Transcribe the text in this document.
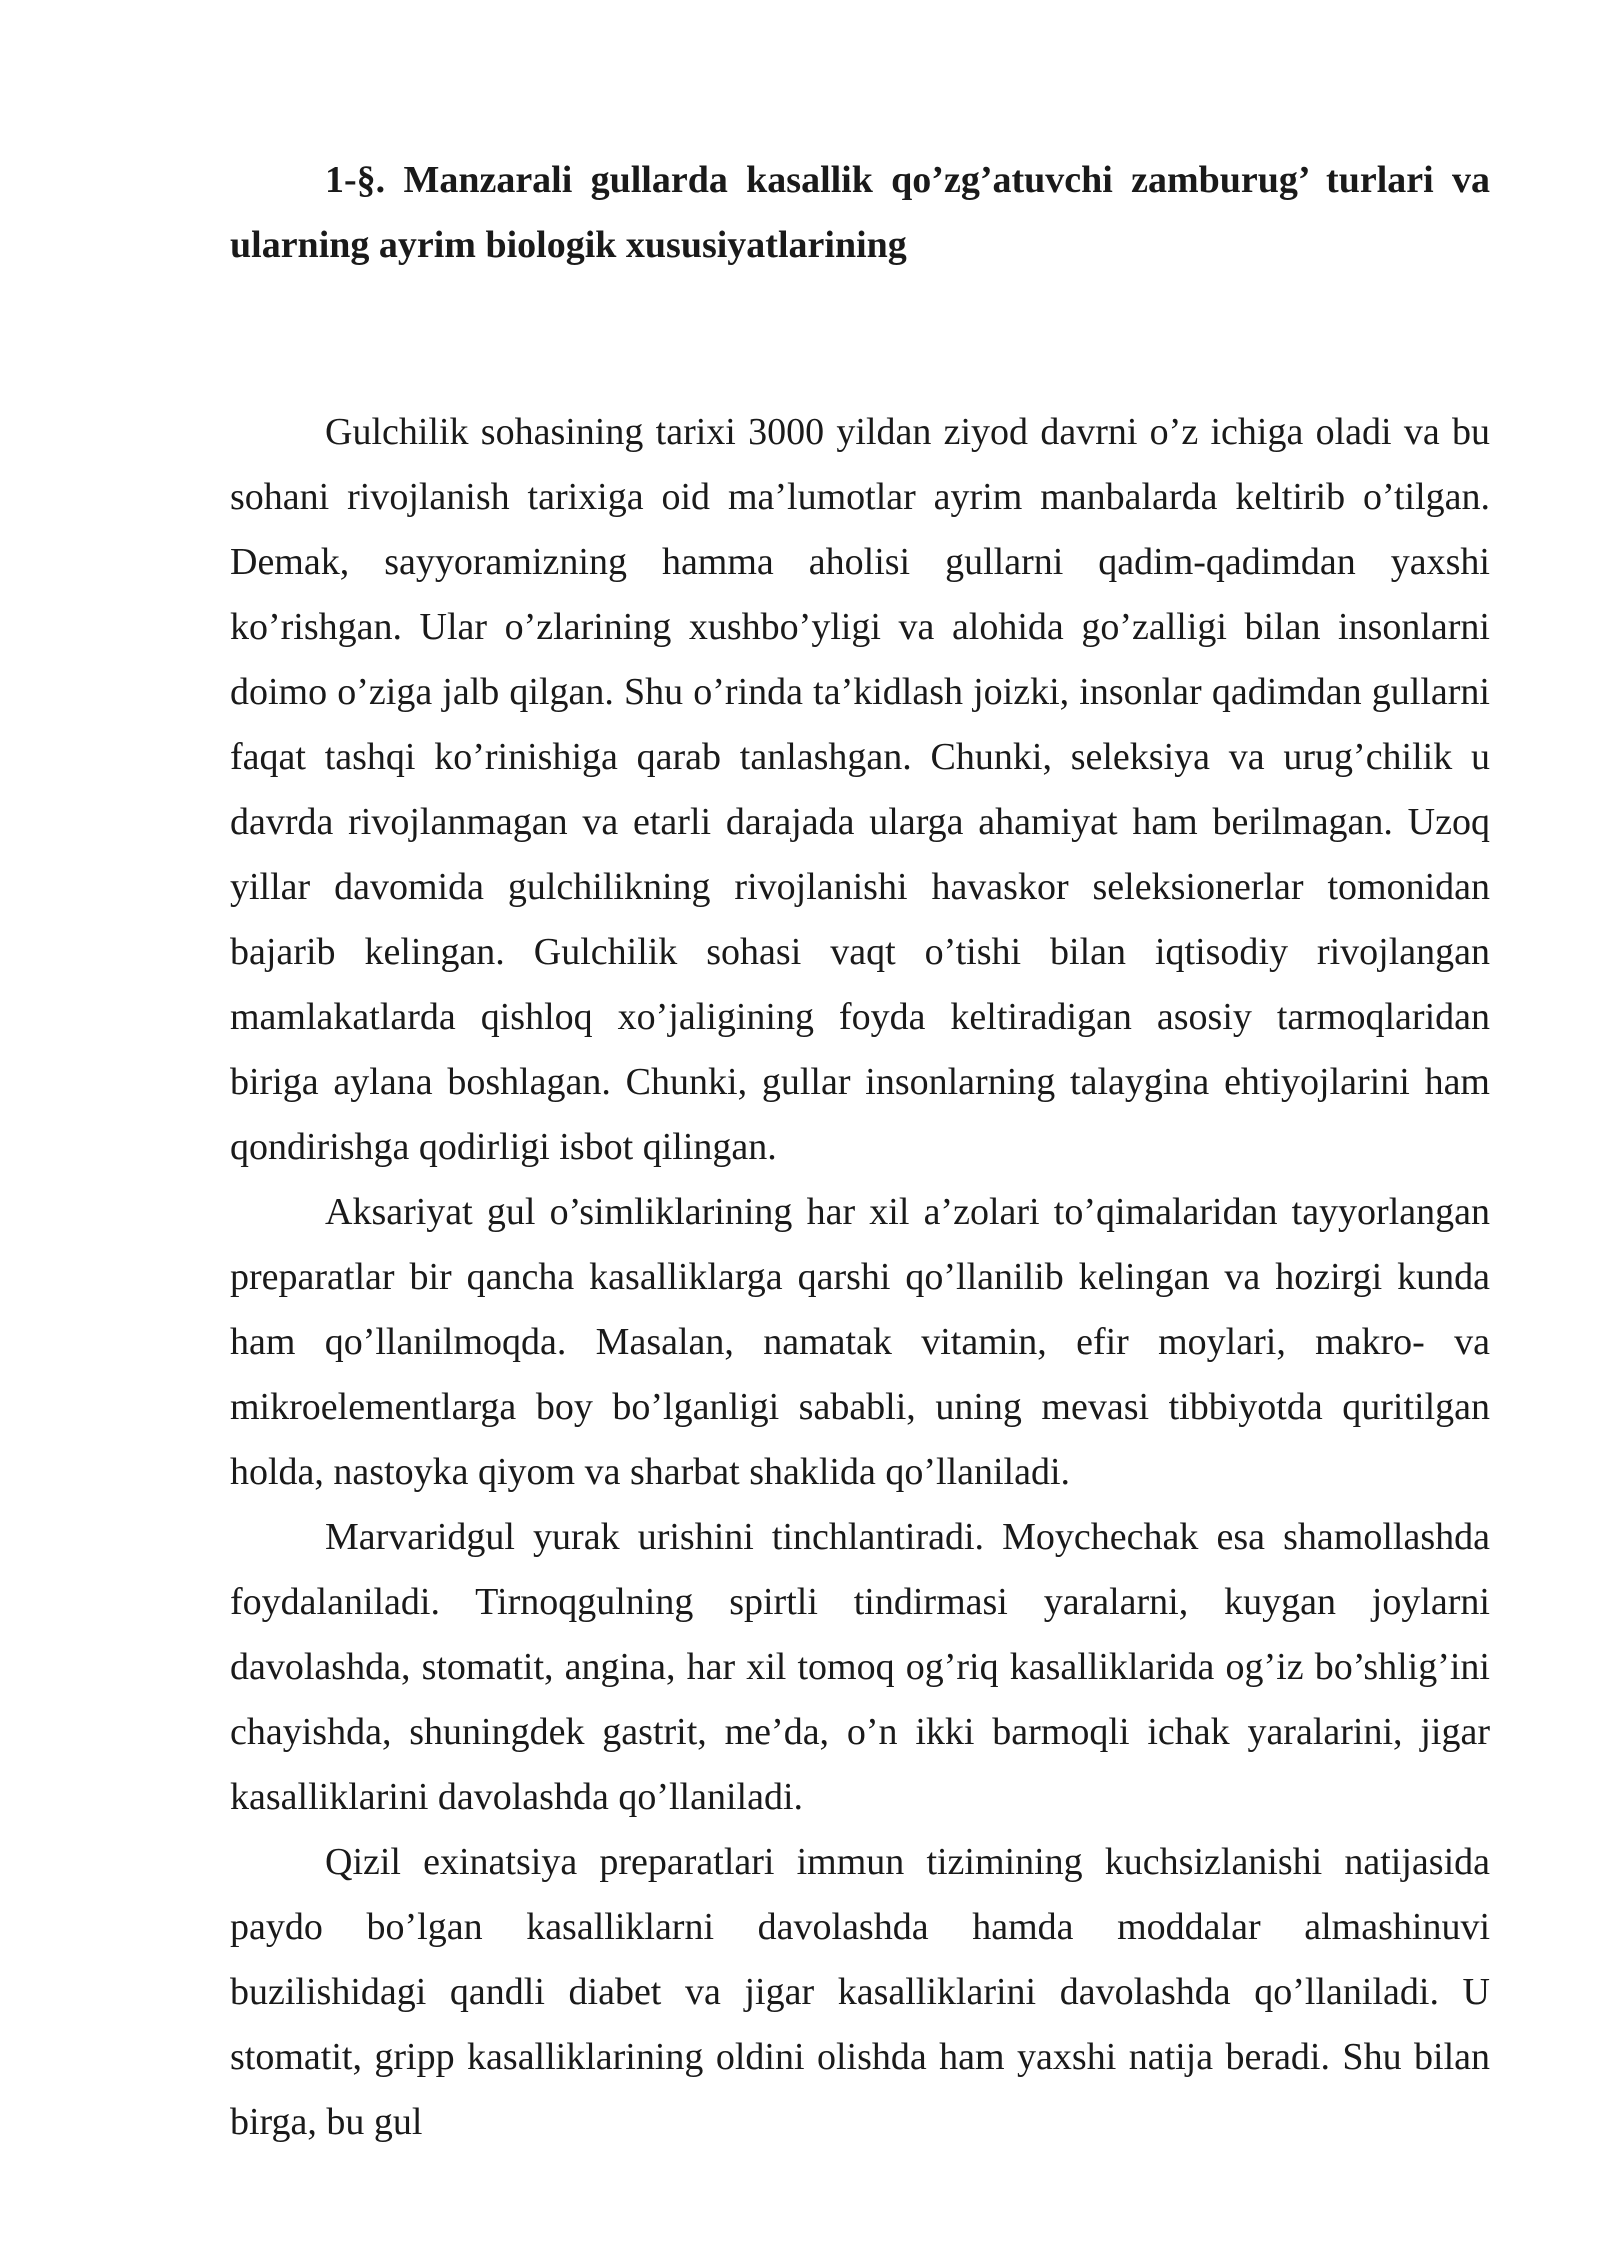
1-§. Manzarali gullarda kasallik qo’zg’atuvchi zamburug’ turlari va ularning ayrim biologik xususiyatlarining

Gulchilik sohasining tarixi 3000 yildan ziyod davrni o’z ichiga oladi va bu sohani rivojlanish tarixiga oid ma’lumotlar ayrim manbalarda keltirib o’tilgan. Demak, sayyoramizning hamma aholisi gullarni qadim-qadimdan yaxshi ko’rishgan. Ular o’zlarining xushbo’yligi va alohida go’zalligi bilan insonlarni doimo o’ziga jalb qilgan. Shu o’rinda ta’kidlash joizki, insonlar qadimdan gullarni faqat tashqi ko’rinishiga qarab tanlashgan. Chunki, seleksiya va urug’chilik u davrda rivojlanmagan va etarli darajada ularga ahamiyat ham berilmagan. Uzoq yillar davomida gulchilikning rivojlanishi havaskor seleksionerlar tomonidan bajarib kelingan. Gulchilik sohasi vaqt o’tishi bilan iqtisodiy rivojlangan mamlakatlarda qishloq xo’jaligining foyda keltiradigan asosiy tarmoqlaridan biriga aylana boshlagan. Chunki, gullar insonlarning talaygina ehtiyojlarini ham qondirishga qodirligi isbot qilingan.

Aksariyat gul o’simliklarining har xil a’zolari to’qimalaridan tayyorlangan preparatlar bir qancha kasalliklarga qarshi qo’llanilib kelingan va hozirgi kunda ham qo’llanilmoqda. Masalan, namatak vitamin, efir moylari, makro- va mikroelementlarga boy bo’lganligi sababli, uning mevasi tibbiyotda quritilgan holda, nastoyka qiyom va sharbat shaklida qo’llaniladi.

Marvaridgul yurak urishini tinchlantiradi. Moychechak esa shamollashda foydalaniladi. Tirnoqgulning spirtli tindirmasi yaralarni, kuygan joylarni davolashda, stomatit, angina, har xil tomoq og’riq kasalliklarida og’iz bo’shlig’ini chayishda, shuningdek gastrit, me’da, o’n ikki barmoqli ichak yaralarini, jigar kasalliklarini davolashda qo’llaniladi.

Qizil exinatsiya preparatlari immun tizimining kuchsizlanishi natijasida paydo bo’lgan kasalliklarni davolashda hamda moddalar almashinuvi buzilishidagi qandli diabet va jigar kasalliklarini davolashda qo’llaniladi. U stomatit, gripp kasalliklarining oldini olishda ham yaxshi natija beradi. Shu bilan birga, bu gul
